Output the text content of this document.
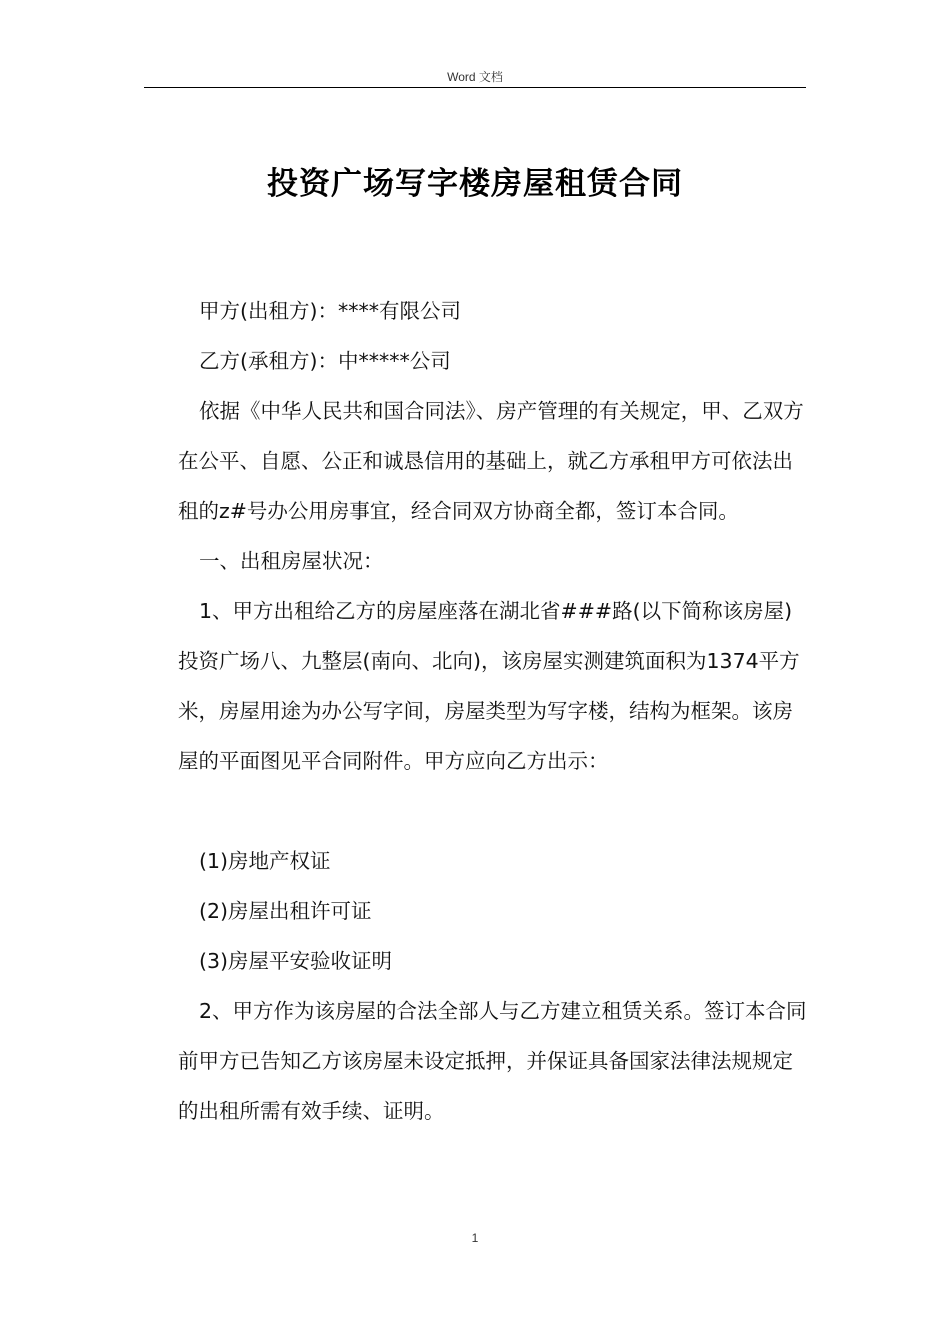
Word 文档
投资广场写字楼房屋租赁合同

甲方(出租方)：****有限公司

乙方(承租方)：中*****公司

依据《中华人民共和国合同法》、房产管理的有关规定，甲、乙双方在公平、自愿、公正和诚恳信用的基础上，就乙方承租甲方可依法出租的z#号办公用房事宜，经合同双方协商全都，签订本合同。

一、出租房屋状况：

1、甲方出租给乙方的房屋座落在湖北省###路(以下简称该房屋)投资广场八、九整层(南向、北向)，该房屋实测建筑面积为1374平方米，房屋用途为办公写字间，房屋类型为写字楼，结构为框架。该房屋的平面图见平合同附件。甲方应向乙方出示：

(1)房地产权证

(2)房屋出租许可证

(3)房屋平安验收证明

2、甲方作为该房屋的合法全部人与乙方建立租赁关系。签订本合同前甲方已告知乙方该房屋未设定抵押，并保证具备国家法律法规规定的出租所需有效手续、证明。

1
